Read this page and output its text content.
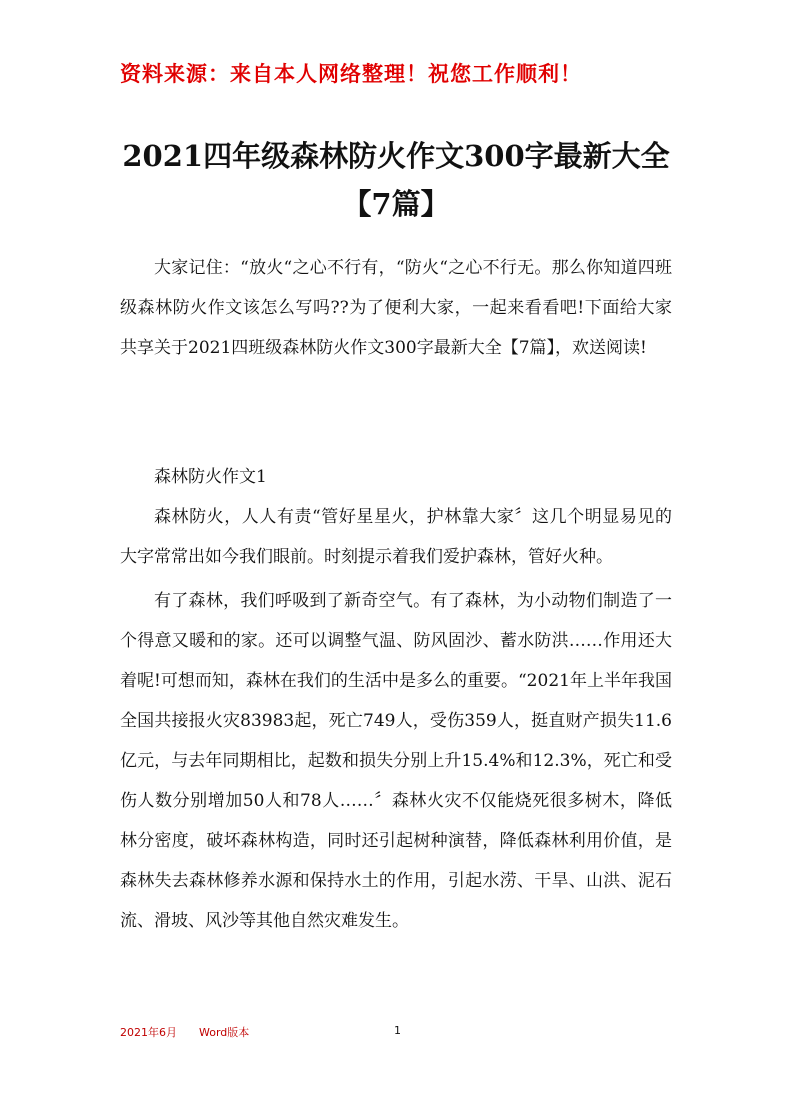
资料来源：来自本人网络整理！祝您工作顺利！
2021四年级森林防火作文300字最新大全
【7篇】

大家记住：“放火“之心不行有，“防火“之心不行无。那么你知道四班级森林防火作文该怎么写吗??为了便利大家，一起来看看吧!下面给大家共享关于2021四班级森林防火作文300字最新大全【7篇】，欢送阅读!

森林防火作文1

森林防火，人人有责“管好星星火，护林靠大家〞这几个明显易见的大字常常出如今我们眼前。时刻提示着我们爱护森林，管好火种。

有了森林，我们呼吸到了新奇空气。有了森林，为小动物们制造了一个得意又暖和的家。还可以调整气温、防风固沙、蓄水防洪……作用还大着呢!可想而知，森林在我们的生活中是多么的重要。“2021年上半年我国全国共接报火灾83983起，死亡749人，受伤359人，挺直财产损失11.6亿元，与去年同期相比，起数和损失分别上升15.4%和12.3%，死亡和受伤人数分别增加50人和78人……〞森林火灾不仅能烧死很多树木，降低林分密度，破坏森林构造，同时还引起树种演替，降低森林利用价值，是森林失去森林修养水源和保持水土的作用，引起水涝、干旱、山洪、泥石流、滑坡、风沙等其他自然灾难发生。

2021年6月 Word版本	1
